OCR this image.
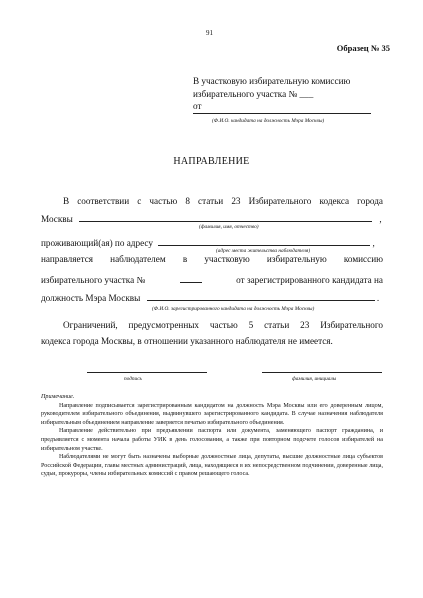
91
Образец № 35
В участковую избирательную комиссию
избирательного участка № ___
от
(Ф.И.О. кандидата на должность Мэра Москвы)
НАПРАВЛЕНИЕ
В соответствии с частью 8 статьи 23 Избирательного кодекса города
Москвы	,
(фамилия, имя, отчество)
проживающий(ая) по адресу	,
(адрес места жительства наблюдателя)
направляется наблюдателем в участковую избирательную комиссию
избирательного участка №	от зарегистрированного кандидата на
должность Мэра Москвы	.
(Ф.И.О. зарегистрированного кандидата на должность Мэра Москвы)
Ограничений, предусмотренных частью 5 статьи 23 Избирательного
кодекса города Москвы, в отношении указанного наблюдателя не имеется.
подпись	фамилия, инициалы

Примечание.

Направление подписывается зарегистрированным кандидатом на должность Мэра Москвы или его доверенным лицом, руководителем избирательного объединения, выдвинувшего зарегистрированного кандидата. В случае назначения наблюдателя избирательным объединением направление заверяется печатью избирательного объединения.

Направление действительно при предъявлении паспорта или документа, заменяющего паспорт гражданина, и предъявляется с момента начала работы УИК в день голосования, а также при повторном подсчете голосов избирателей на избирательном участке.

Наблюдателями не могут быть назначены выборные должностные лица, депутаты, высшие должностные лица субъектов Российской Федерации, главы местных администраций, лица, находящиеся в их непосредственном подчинении, доверенные лица, судьи, прокуроры, члены избирательных комиссий с правом решающего голоса.
